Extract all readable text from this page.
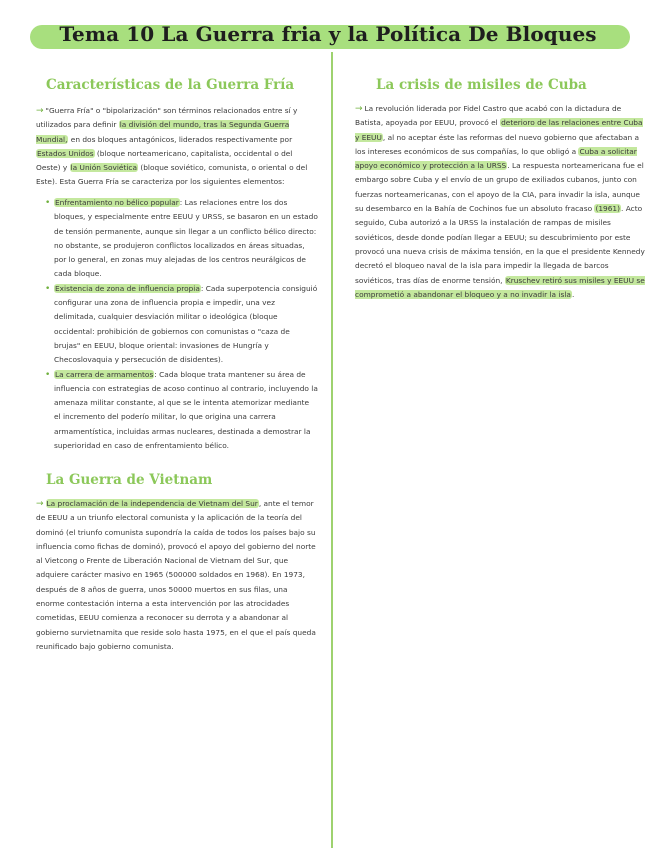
Tema 10 La Guerra fria y la Política De Bloques
Características de la Guerra Fría
→ "Guerra Fría" o "bipolarización" son términos relacionados entre sí y utilizados para definir la división del mundo, tras la Segunda Guerra Mundial, en dos bloques antagónicos, liderados respectivamente por Estados Unidos (bloque norteamericano, capitalista, occidental o del Oeste) y la Unión Soviética (bloque soviético, comunista, o oriental o del Este). Esta Guerra Fría se caracteriza por los siguientes elementos:
• Enfrentamiento no bélico popular: Las relaciones entre los dos bloques, y especialmente entre EEUU y URSS, se basaron en un estado de tensión permanente, aunque sin llegar a un conflicto bélico directo: no obstante, se produjeron conflictos localizados en áreas situadas, por lo general, en zonas muy alejadas de los centros neurálgicos de cada bloque.
• Existencia de zona de influencia propia: Cada superpotencia consiguió configurar una zona de influencia propia e impedir, una vez delimitada, cualquier desviación militar o ideológica (bloque occidental: prohibición de gobiernos con comunistas o "caza de brujas" en EEUU, bloque oriental: invasiones de Hungría y Checoslovaquia y persecución de disidentes).
• La carrera de armamentos: Cada bloque trata mantener su área de influencia con estrategias de acoso continuo al contrario, incluyendo la amenaza militar constante, al que se le intenta atemorizar mediante el incremento del poderío militar, lo que origina una carrera armamentística, incluidas armas nucleares, destinada a demostrar la superioridad en caso de enfrentamiento bélico.
La Guerra de Vietnam
→ La proclamación de la independencia de Vietnam del Sur, ante el temor de EEUU a un triunfo electoral comunista y la aplicación de la teoría del dominó (el triunfo comunista supondría la caída de todos los países bajo su influencia como fichas de dominó), provocó el apoyo del gobierno del norte al Vietcong o Frente de Liberación Nacional de Vietnam del Sur, que adquiere carácter masivo en 1965 (500000 soldados en 1968). En 1973, después de 8 años de guerra, unos 50000 muertos en sus filas, una enorme contestación interna a esta intervención por las atrocidades cometidas, EEUU comienza a reconocer su derrota y a abandonar al gobierno survietnamita que reside solo hasta 1975, en el que el país queda reunificado bajo gobierno comunista.
La crisis de misiles de Cuba
→ La revolución liderada por Fidel Castro que acabó con la dictadura de Batista, apoyada por EEUU, provocó el deterioro de las relaciones entre Cuba y EEUU, al no aceptar éste las reformas del nuevo gobierno que afectaban a los intereses económicos de sus compañías, lo que obligó a Cuba a solicitar apoyo económico y protección a la URSS. La respuesta norteamericana fue el embargo sobre Cuba y el envío de un grupo de exiliados cubanos, junto con fuerzas norteamericanas, con el apoyo de la CIA, para invadir la isla, aunque su desembarco en la Bahía de Cochinos fue un absoluto fracaso (1961). Acto seguido, Cuba autorizó a la URSS la instalación de rampas de misiles soviéticos, desde donde podían llegar a EEUU; su descubrimiento por este provocó una nueva crisis de máxima tensión, en la que el presidente Kennedy decretó el bloqueo naval de la isla para impedir la llegada de barcos soviéticos, tras días de enorme tensión, Kruschev retiró sus misiles y EEUU se comprometió a abandonar el bloqueo y a no invadir la isla.
